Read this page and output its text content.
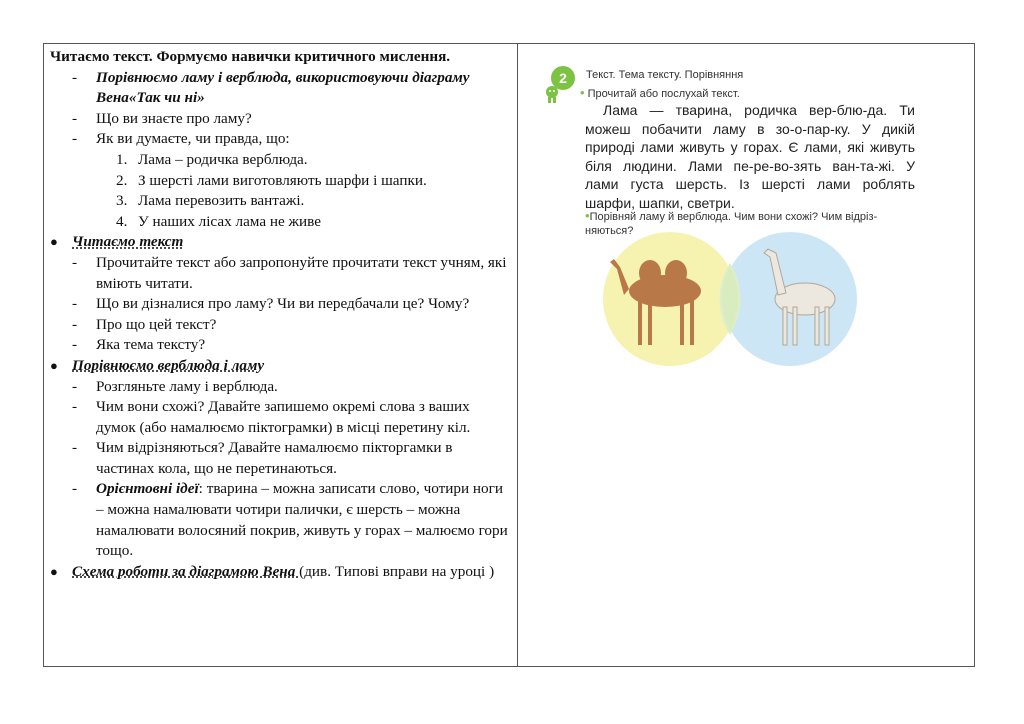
Читаємо текст. Формуємо навички критичного мислення.
- Порівнюємо ламу і верблюда, використовуючи діаграму Вена«Так чи ні»
- Що ви знаєте про ламу?
- Як ви думаєте, чи правда, що:
1. Лама – родичка верблюда.
2. З шерсті лами виготовляють шарфи і шапки.
3. Лама перевозить вантажі.
4. У наших лісах лама не живе
● Читаємо текст
- Прочитайте текст або запропонуйте прочитати текст учням, які вміють читати.
- Що ви дізналися про ламу? Чи ви передбачали це? Чому?
- Про що цей текст?
- Яка тема тексту?
● Порівнюємо верблюда і ламу
- Розгляньте ламу і верблюда.
- Чим вони схожі? Давайте запишемо окремі слова з ваших думок (або намалюємо піктограмки) в місці перетину кіл.
- Чим відрізняються? Давайте намалюємо пікторгамки в частинах кола, що не перетинаються.
- Орієнтовні ідеї: тварина – можна записати слово, чотири ноги – можна намалювати чотири палички, є шерсть – можна намалювати волосяний покрив, живуть у горах – малюємо гори тощо.
● Схема роботи за діаграмою Вена (див. Типові вправи на уроці )
2	Текст. Тема тексту. Порівняння
• Прочитай або послухай текст.
Лама — тварина, родичка вер-блю-да. Ти можеш побачити ламу в зо-о-пар-ку. У дикій природі лами живуть у горах. Є лами, які живуть біля людини. Лами пе-ре-во-зять ван-та-жі. У лами густа шерсть. Із шерсті лами роблять шарфи, шапки, светри.
•Порівняй ламу й верблюда. Чим вони схожі? Чим відріз-няються?
